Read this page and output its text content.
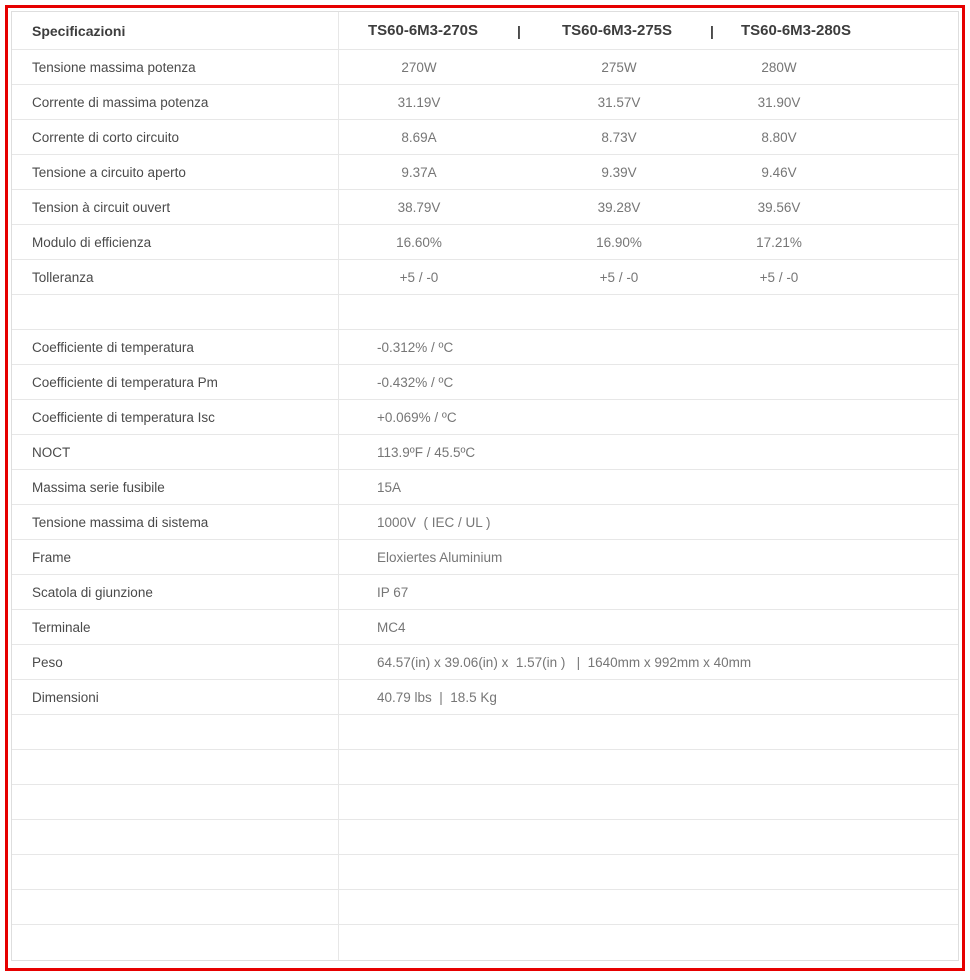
Specificazioni	TS60-6M3-270S	|	TS60-6M3-275S	|	TS60-6M3-280S
Tensione massima potenza	270W	275W	280W
Corrente di massima potenza	31.19V	31.57V	31.90V
Corrente di corto circuito	8.69A	8.73V	8.80V
Tensione a circuito aperto	9.37A	9.39V	9.46V
Tension à circuit ouvert	38.79V	39.28V	39.56V
Modulo di efficienza	16.60%	16.90%	17.21%
Tolleranza	+5 / -0	+5 / -0	+5 / -0
Coefficiente di temperatura	-0.312% / ºC
Coefficiente di temperatura Pm	-0.432% / ºC
Coefficiente di temperatura Isc	+0.069% / ºC
NOCT	113.9ºF / 45.5ºC
Massima serie fusibile	15A
Tensione massima di sistema	1000V  ( IEC / UL )
Frame	Eloxiertes Aluminium
Scatola di giunzione	IP 67
Terminale	MC4
Peso	64.57(in) x 39.06(in) x  1.57(in )   |  1640mm x 992mm x 40mm
Dimensioni	40.79 lbs  |  18.5 Kg
